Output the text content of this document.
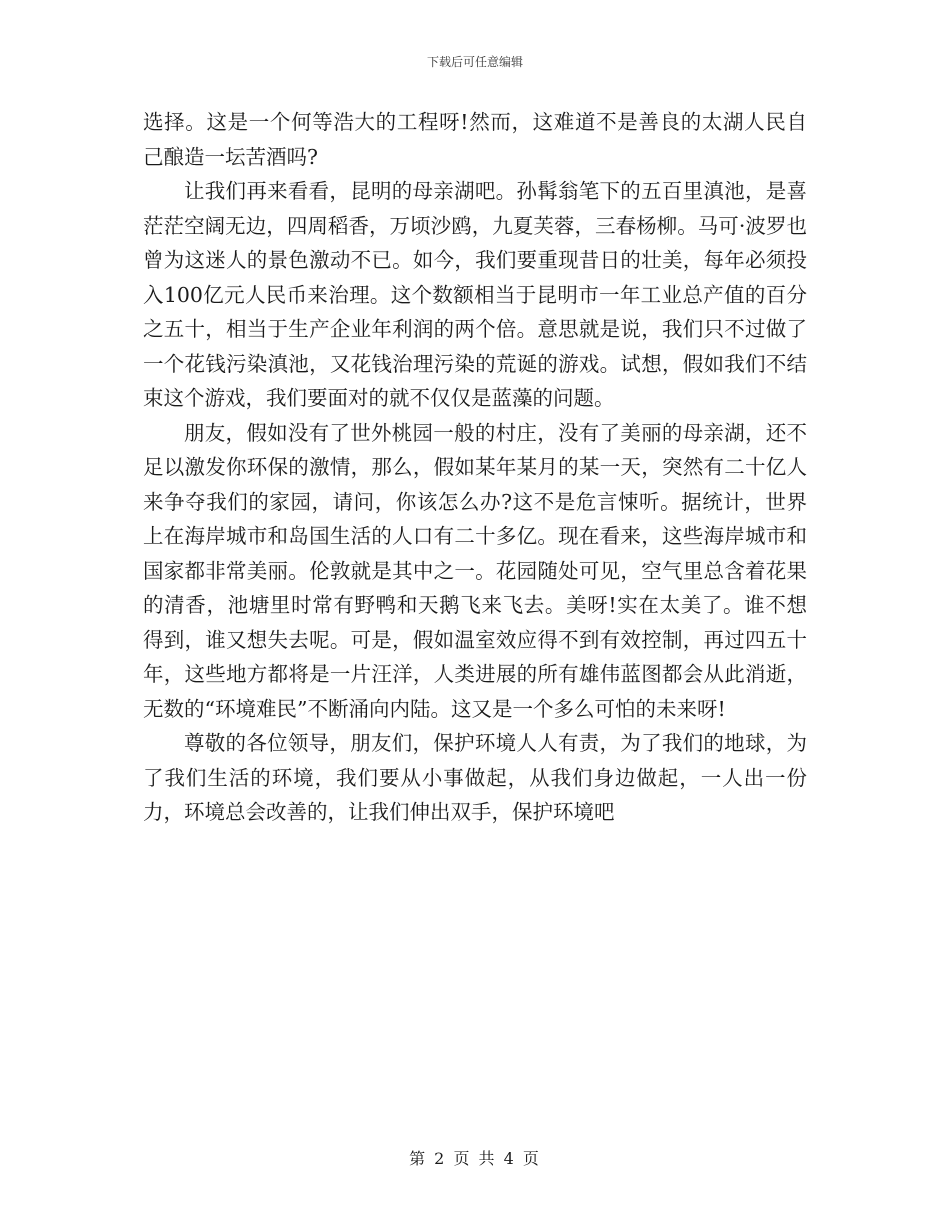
下载后可任意编辑

选择。这是一个何等浩大的工程呀!然而，这难道不是善良的太湖人民自己酿造一坛苦酒吗?

让我们再来看看，昆明的母亲湖吧。孙髯翁笔下的五百里滇池，是喜茫茫空阔无边，四周稻香，万顷沙鸥，九夏芙蓉，三春杨柳。马可·波罗也曾为这迷人的景色激动不已。如今，我们要重现昔日的壮美，每年必须投入100亿元人民币来治理。这个数额相当于昆明市一年工业总产值的百分之五十，相当于生产企业年利润的两个倍。意思就是说，我们只不过做了一个花钱污染滇池，又花钱治理污染的荒诞的游戏。试想，假如我们不结束这个游戏，我们要面对的就不仅仅是蓝藻的问题。

朋友，假如没有了世外桃园一般的村庄，没有了美丽的母亲湖，还不足以激发你环保的激情，那么，假如某年某月的某一天，突然有二十亿人来争夺我们的家园，请问，你该怎么办?这不是危言悚听。据统计，世界上在海岸城市和岛国生活的人口有二十多亿。现在看来，这些海岸城市和国家都非常美丽。伦敦就是其中之一。花园随处可见，空气里总含着花果的清香，池塘里时常有野鸭和天鹅飞来飞去。美呀!实在太美了。谁不想得到，谁又想失去呢。可是，假如温室效应得不到有效控制，再过四五十年，这些地方都将是一片汪洋，人类进展的所有雄伟蓝图都会从此消逝，无数的“环境难民”不断涌向内陆。这又是一个多么可怕的未来呀!

尊敬的各位领导，朋友们，保护环境人人有责，为了我们的地球，为了我们生活的环境，我们要从小事做起，从我们身边做起，一人出一份力，环境总会改善的，让我们伸出双手，保护环境吧

第 2 页 共 4 页
